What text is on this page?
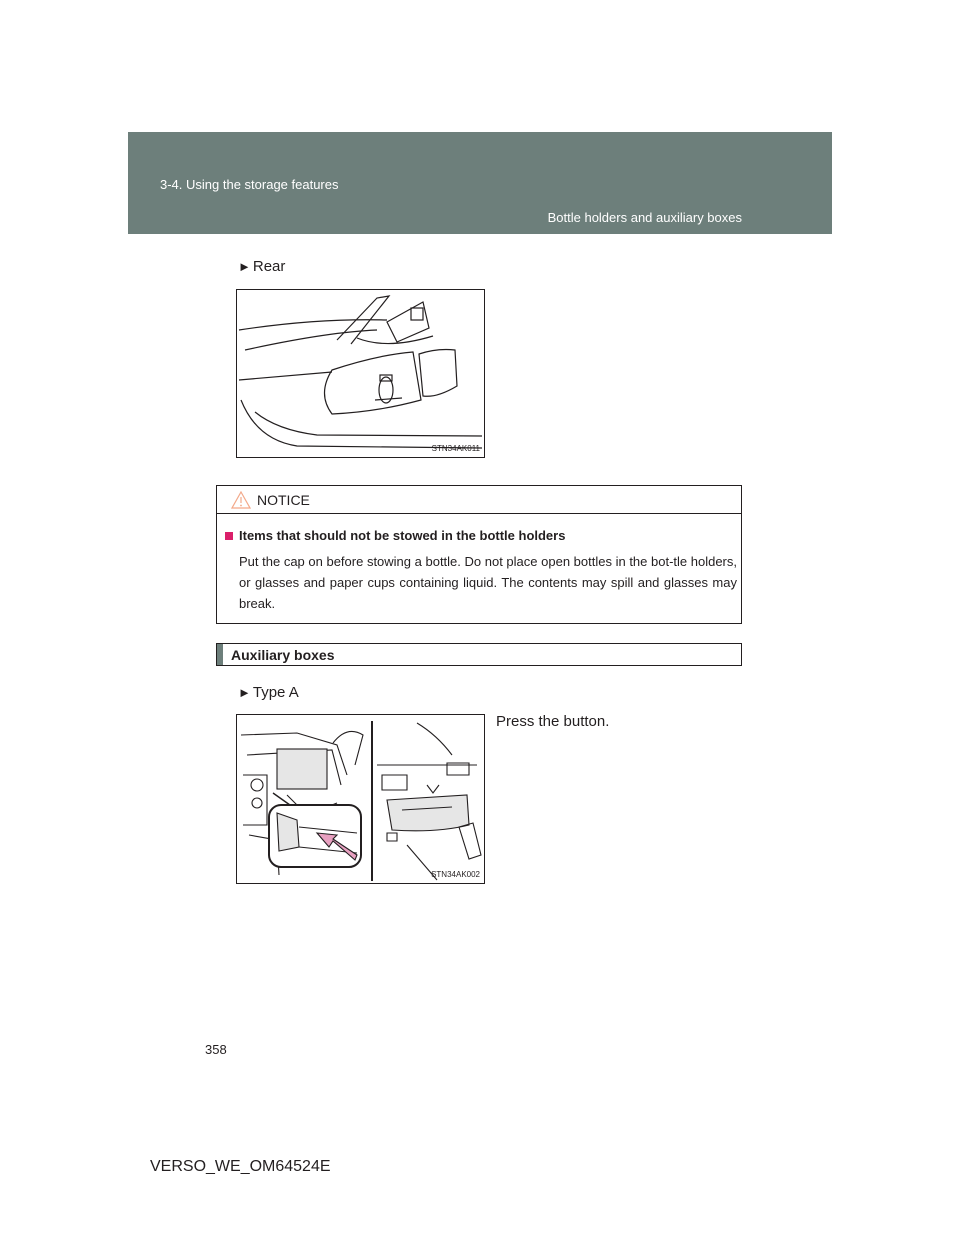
3-4. Using the storage features
Bottle holders and auxiliary boxes
► Rear
STN34AK011
NOTICE
Items that should not be stowed in the bottle holders
Put the cap on before stowing a bottle. Do not place open bottles in the bot-tle holders, or glasses and paper cups containing liquid. The contents may spill and glasses may break.
Auxiliary boxes
► Type A
Press the button.
STN34AK002
358
VERSO_WE_OM64524E
